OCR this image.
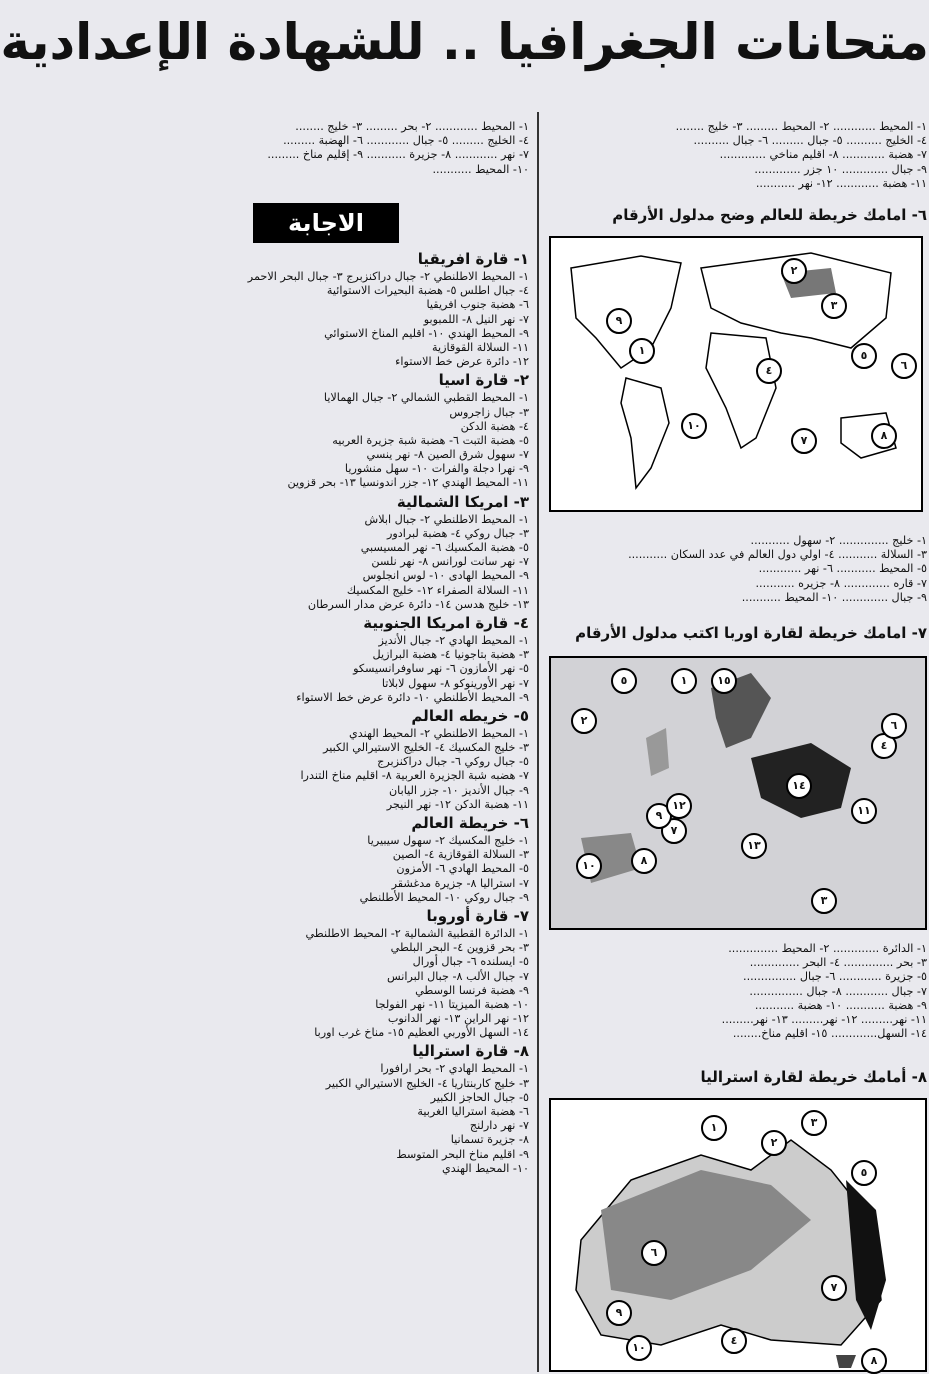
متحانات الجغرافيا .. للشهادة الإعدادية
١- المحيط ............ ٢- بحر ......... ٣- خليج ........
٤- الخليج ......... ٥- جبال ............ ٦- الهضبة .........
٧- نهر ............ ٨- جزيرة ........... ٩- إقليم مناخ .........
١٠- المحيط ...........
الاجابة
١- قارة افريقيا
١- المحيط الاطلنطي ٢- جبال دراكنزبرج ٣- جبال البحر الاحمر
٤- جبال اطلس ٥- هضبة البحيرات الاستوائية
٦- هضبة جنوب افريقيا
٧- نهر النيل ٨- اللمبوبو
٩- المحيط الهندي ١٠- اقليم المناخ الاستوائي
١١- السلالة القوقازية
١٢- دائرة عرض خط الاستواء
٢- قارة اسيا
١- المحيط القطبي الشمالي ٢- جبال الهمالايا
٣- جبال زاجروس
٤- هضبة الدكن
٥- هضبة التبت ٦- هضبة شبة جزيرة العربيه
٧- سهول شرق الصين ٨- نهر ينسي
٩- نهرا دجلة والفرات ١٠- سهل منشوريا
١١- المحيط الهندي ١٢- جزر اندونسيا ١٣- بحر قزوين
٣- امريكا الشمالية
١- المحيط الاطلنطي ٢- جبال ابلاش
٣- جبال روكي ٤- هضبة لبرادور
٥- هضبة المكسيك ٦- نهر المسيسبي
٧- نهر سانت لورانس ٨- نهر نلسن
٩- المحيط الهادى ١٠- لوس انجلوس
١١- السلالة الصفراء ١٢- خليج المكسيك
١٣- خليج هدسن ١٤- دائرة عرض مدار السرطان
٤- قارة امريكا الجنوبية
١- المحيط الهادي ٢- جبال الأنديز
٣- هضبة بتاجونيا ٤- هضبة البرازيل
٥- نهر الأمازون ٦- نهر ساوفرانسيسكو
٧- نهر الأورينوكو ٨- سهول لابلاتا
٩- المحيط الأطلنطي ١٠- دائرة عرض خط الاستواء
٥- خريطه العالم
١- المحيط الاطلنطي ٢- المحيط الهندي
٣- خليج المكسيك ٤- الخليج الاستيرالي الكبير
٥- جبال روكي ٦- جبال دراكنزبرج
٧- هضبه شبة الجزيرة العربية ٨- اقليم مناخ التندرا
٩- جبال الأنديز ١٠- جزر اليابان
١١- هضبة الدكن ١٢- نهر النيجر
٦- خريطة العالم
١- خليج المكسيك ٢- سهول سيبيريا
٣- السلالة القوقازية ٤- الصين
٥- المحيط الهادي ٦- الأمزون
٧- استراليا ٨- جزيرة مدغشقر
٩- جبال روكي ١٠- المحيط الأطلنطي
٧- قارة أوروبا
١- الدائرة القطبية الشمالية ٢- المحيط الاطلنطي
٣- بحر قزوين ٤- البحر البلطي
٥- ايسلنده ٦- جبال أورال
٧- جبال الألب ٨- جبال البرانس
٩- هضبة فرنسا الوسطي
١٠- هضبة الميزيتا ١١- نهر الفولجا
١٢- نهر الراين ١٣- نهر الدانوب
١٤- السهل الأوربي العظيم ١٥- مناخ غرب اوربا
٨- قارة استراليا
١- المحيط الهادي ٢- بحر ارافورا
٣- خليج كاربنتاريا ٤- الخليج الاستيرالي الكبير
٥- جبال الحاجز الكبير
٦- هضبة استراليا الغربية
٧- نهر دارلنج
٨- جزيرة تسمانيا
٩- اقليم مناخ البحر المتوسط
١٠- المحيط الهندي
١- المحيط ............ ٢- المحيط ......... ٣- خليج ........
٤- الخليج .......... ٥- جبال ......... ٦- جبال ..........
٧- هضبة ............ ٨- اقليم مناخي .............
٩- جبال ............. ١٠ جزر .............
١١- هضبة ............ ١٢- نهر ...........
٦- امامك خريطة للعالم وضح مدلول الأرقام
١
٢
٣
٤
٥
٦
٧	٨
٩
١٠
١- خليج .............. ٢- سهول ...........
٣- السلالة ........... ٤- اولي دول العالم في عدد السكان ...........
٥- المحيط ........... ٦- نهر ............
٧- قاره ............. ٨- جزيره ...........
٩- جبال ............. ١٠- المحيط ...........
٧- امامك خريطة لقارة اوربا اكتب مدلول الأرقام
١
٢
٣
٤
٥
٦
٧
٨
٩
١٠
١١
١٢
١٣
١٤
١٥
١- الدائرة ............. ٢- المحيط ..............
٣- بحر .............. ٤- البحر ..............
٥- جزيرة ............ ٦- جبال ...............
٧- جبال ............ ٨- جبال ...............
٩- هضبة ........... ١٠- هضبة ...........
١١- نهر......... ١٢- نهر......... ١٣- نهر.........
١٤- السهل............. ١٥- اقليم مناخ........
٨- أمامك خريطة لقارة استراليا
١
٢
٣
٤
٥
٦
٧
٨
٩
١٠
